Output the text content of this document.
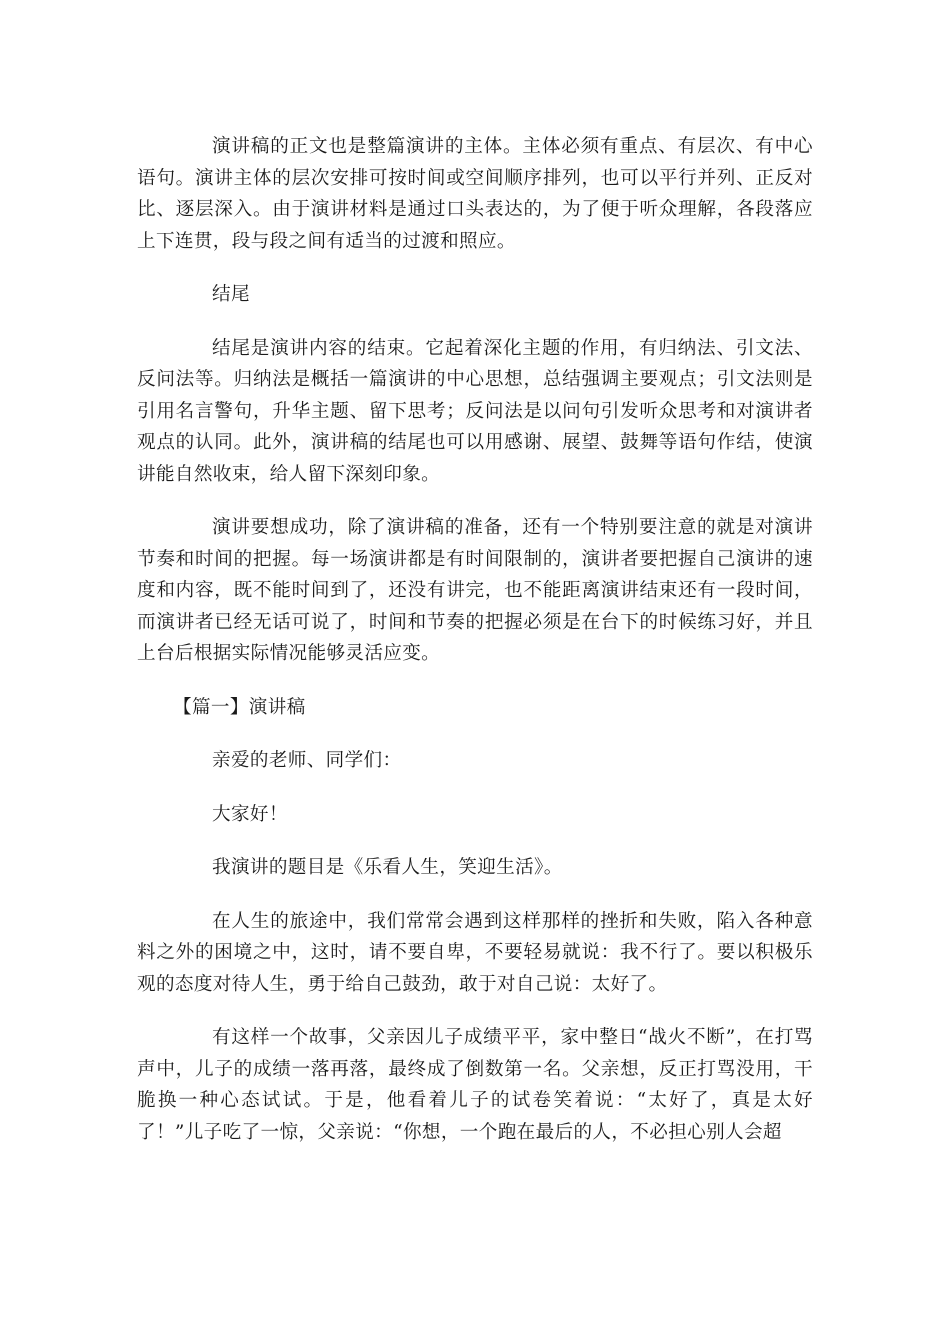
演讲稿的正文也是整篇演讲的主体。主体必须有重点、有层次、有中心语句。演讲主体的层次安排可按时间或空间顺序排列，也可以平行并列、正反对比、逐层深入。由于演讲材料是通过口头表达的，为了便于听众理解，各段落应上下连贯，段与段之间有适当的过渡和照应。

结尾

结尾是演讲内容的结束。它起着深化主题的作用，有归纳法、引文法、反问法等。归纳法是概括一篇演讲的中心思想，总结强调主要观点；引文法则是引用名言警句，升华主题、留下思考；反问法是以问句引发听众思考和对演讲者观点的认同。此外，演讲稿的结尾也可以用感谢、展望、鼓舞等语句作结，使演讲能自然收束，给人留下深刻印象。

演讲要想成功，除了演讲稿的准备，还有一个特别要注意的就是对演讲节奏和时间的把握。每一场演讲都是有时间限制的，演讲者要把握自己演讲的速度和内容，既不能时间到了，还没有讲完，也不能距离演讲结束还有一段时间，而演讲者已经无话可说了，时间和节奏的把握必须是在台下的时候练习好，并且上台后根据实际情况能够灵活应变。

【篇一】演讲稿

亲爱的老师、同学们：

大家好！

我演讲的题目是《乐看人生，笑迎生活》。

在人生的旅途中，我们常常会遇到这样那样的挫折和失败，陷入各种意料之外的困境之中，这时，请不要自卑，不要轻易就说：我不行了。要以积极乐观的态度对待人生，勇于给自己鼓劲，敢于对自己说：太好了。

有这样一个故事，父亲因儿子成绩平平，家中整日“战火不断”，在打骂声中，儿子的成绩一落再落，最终成了倒数第一名。父亲想，反正打骂没用，干脆换一种心态试试。于是，他看着儿子的试卷笑着说：“太好了，真是太好了！”儿子吃了一惊，父亲说：“你想，一个跑在最后的人，不必担心别人会超
